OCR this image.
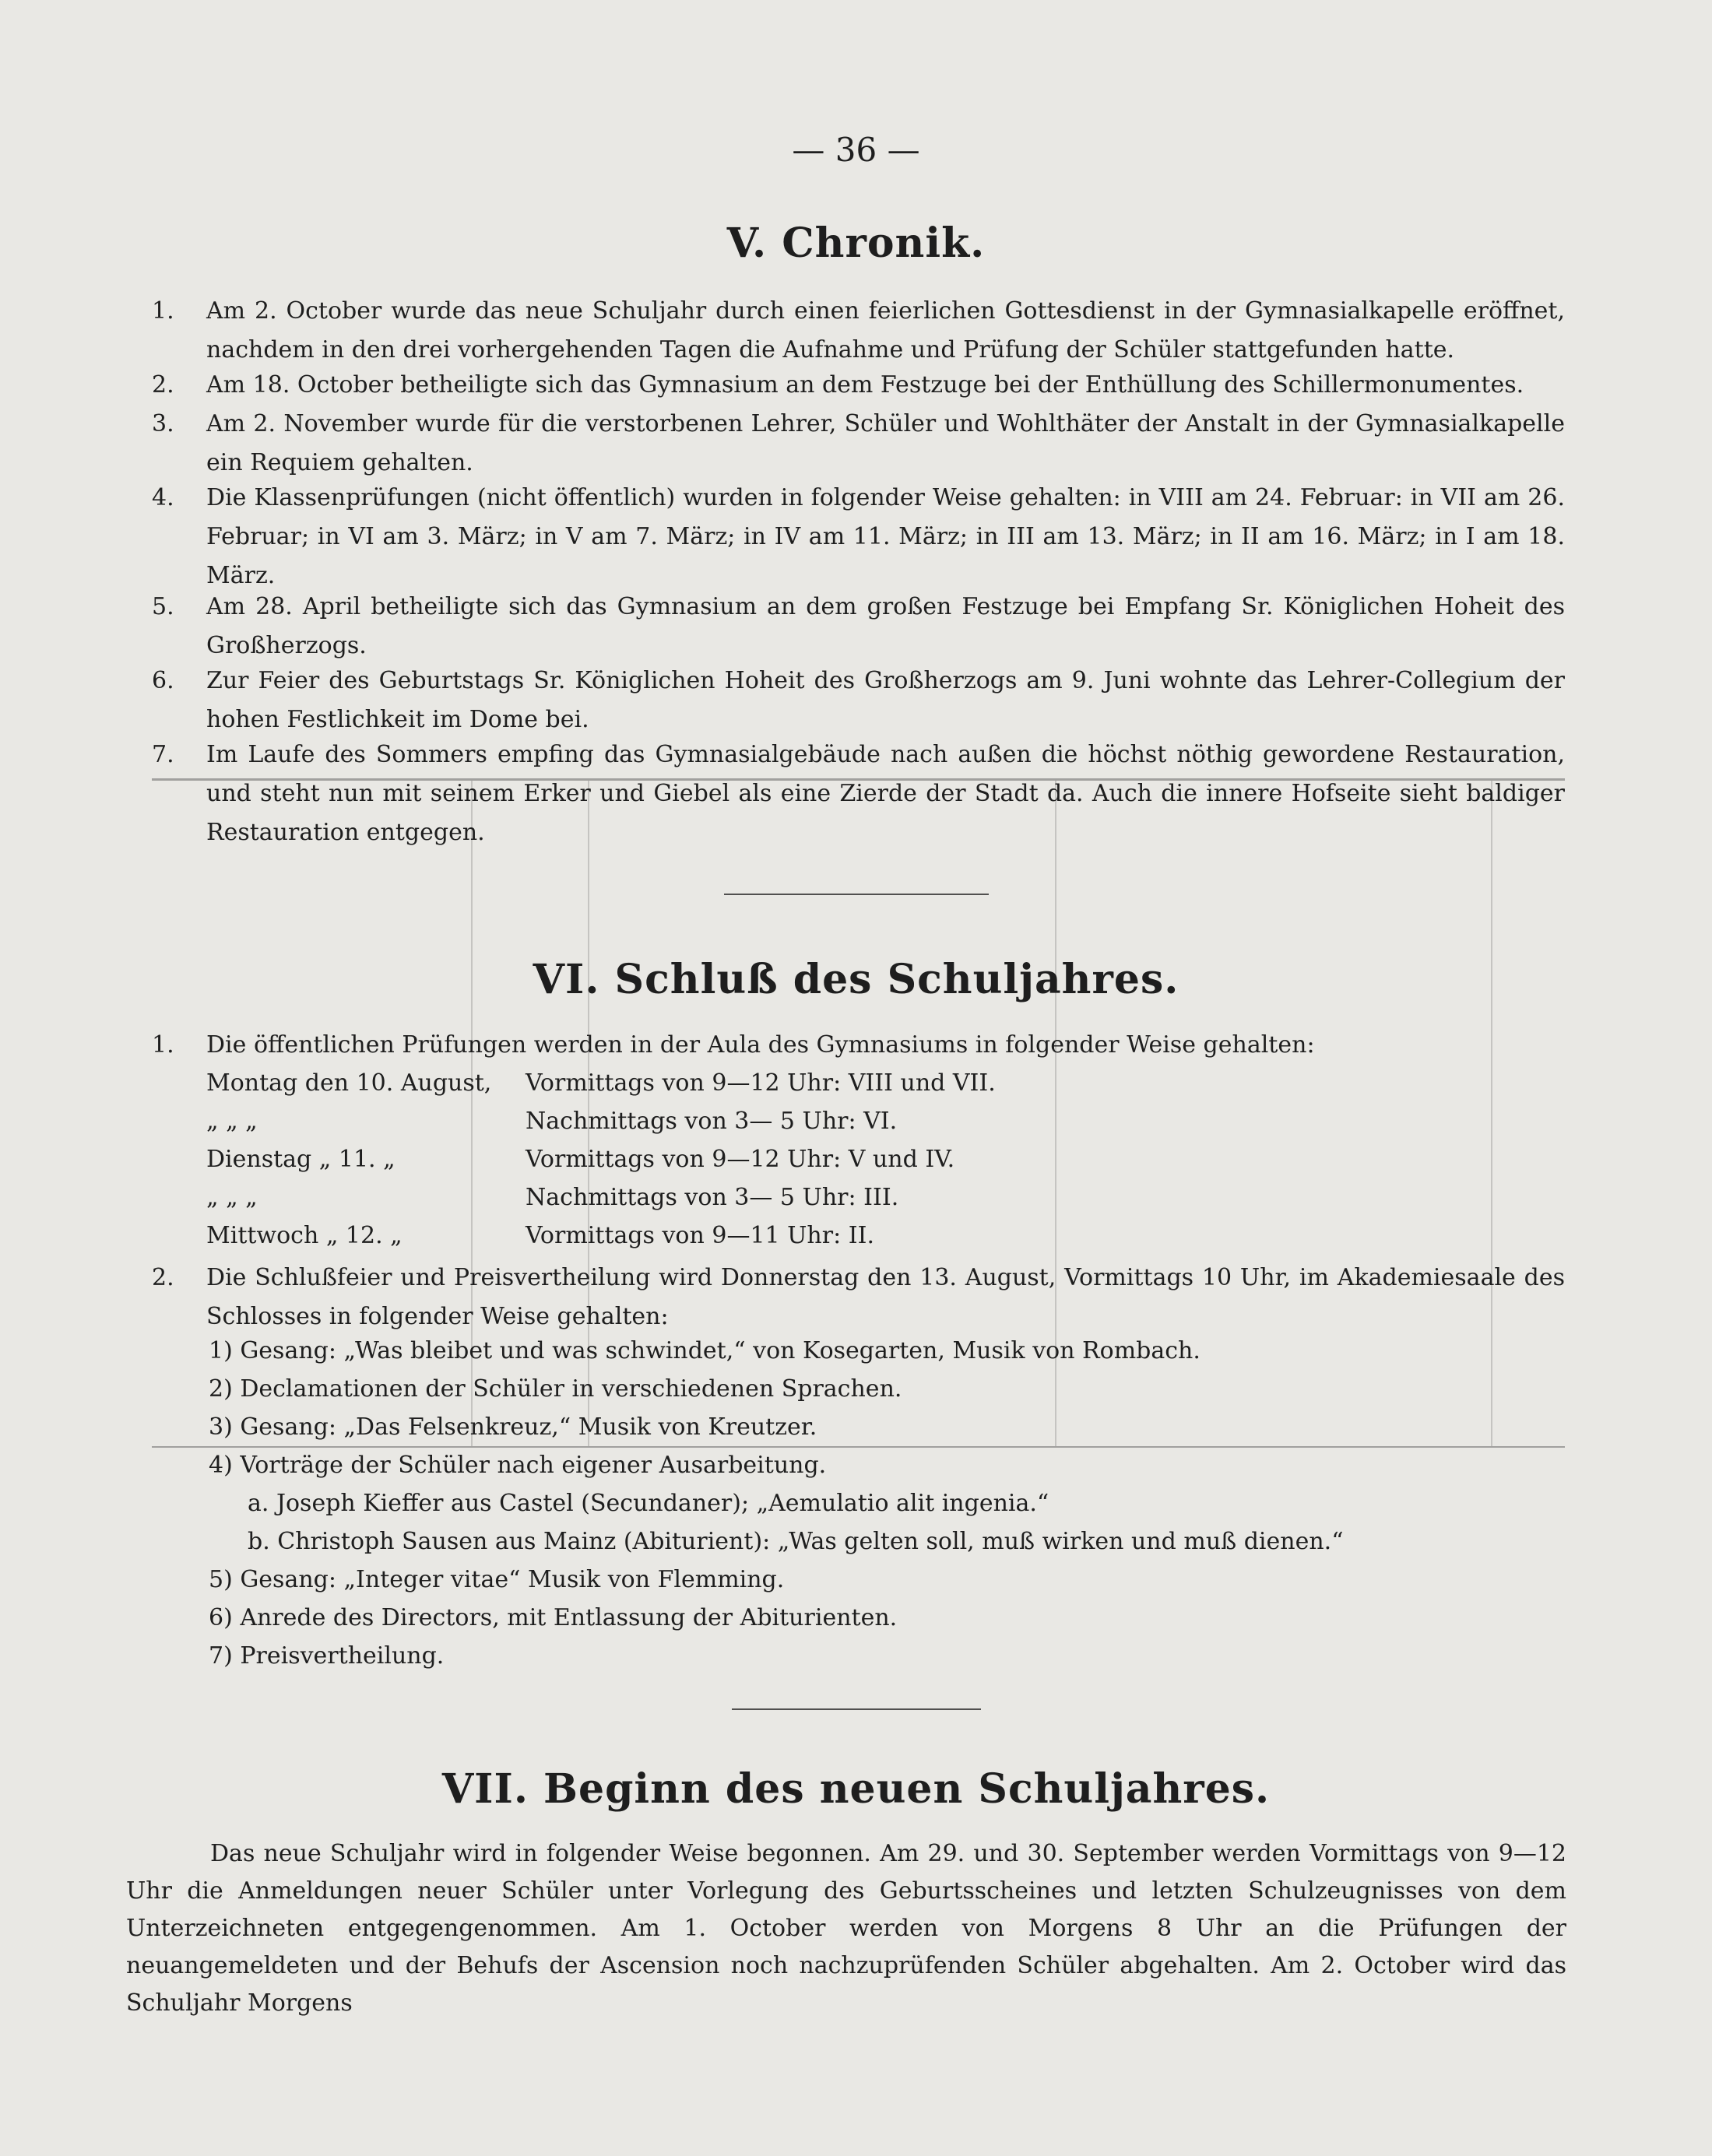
— 36 —
V. Chronik.
1. Am 2. October wurde das neue Schuljahr durch einen feierlichen Gottesdienst in der Gymnasialkapelle eröffnet, nachdem in den drei vorhergehenden Tagen die Aufnahme und Prüfung der Schüler stattgefunden hatte.
2. Am 18. October betheiligte sich das Gymnasium an dem Festzuge bei der Enthüllung des Schillermonumentes.
3. Am 2. November wurde für die verstorbenen Lehrer, Schüler und Wohlthäter der Anstalt in der Gymnasialkapelle ein Requiem gehalten.
4. Die Klassenprüfungen (nicht öffentlich) wurden in folgender Weise gehalten: in VIII am 24. Februar: in VII am 26. Februar; in VI am 3. März; in V am 7. März; in IV am 11. März; in III am 13. März; in II am 16. März; in I am 18. März.
5. Am 28. April betheiligte sich das Gymnasium an dem großen Festzuge bei Empfang Sr. Königlichen Hoheit des Großherzogs.
6. Zur Feier des Geburtstags Sr. Königlichen Hoheit des Großherzogs am 9. Juni wohnte das Lehrer-Collegium der hohen Festlichkeit im Dome bei.
7. Im Laufe des Sommers empfing das Gymnasialgebäude nach außen die höchst nöthig gewordene Restauration, und steht nun mit seinem Erker und Giebel als eine Zierde der Stadt da. Auch die innere Hofseite sieht baldiger Restauration entgegen.
VI. Schluß des Schuljahres.
1. Die öffentlichen Prüfungen werden in der Aula des Gymnasiums in folgender Weise gehalten:
Montag den 10. August, Vormittags von 9—12 Uhr: VIII und VII.
„ „ „	Nachmittags von 3— 5 Uhr: VI.
Dienstag „ 11. „	Vormittags von 9—12 Uhr: V und IV.
„ „ „	Nachmittags von 3— 5 Uhr: III.
Mittwoch „ 12. „	Vormittags von 9—11 Uhr: II.
2. Die Schlußfeier und Preisvertheilung wird Donnerstag den 13. August, Vormittags 10 Uhr, im Akademiesaale des Schlosses in folgender Weise gehalten:
1) Gesang: „Was bleibet und was schwindet,“ von Kosegarten, Musik von Rombach.
2) Declamationen der Schüler in verschiedenen Sprachen.
3) Gesang: „Das Felsenkreuz,“ Musik von Kreutzer.
4) Vorträge der Schüler nach eigener Ausarbeitung.
a. Joseph Kieffer aus Castel (Secundaner); „Aemulatio alit ingenia.“
b. Christoph Sausen aus Mainz (Abiturient): „Was gelten soll, muß wirken und muß dienen.“
5) Gesang: „Integer vitae“ Musik von Flemming.
6) Anrede des Directors, mit Entlassung der Abiturienten.
7) Preisvertheilung.
VII. Beginn des neuen Schuljahres.
Das neue Schuljahr wird in folgender Weise begonnen. Am 29. und 30. September werden Vormittags von 9—12 Uhr die Anmeldungen neuer Schüler unter Vorlegung des Geburtsscheines und letzten Schulzeugnisses von dem Unterzeichneten entgegengenommen. Am 1. October werden von Morgens 8 Uhr an die Prüfungen der neuangemeldeten und der Behufs der Ascension noch nachzuprüfenden Schüler abgehalten. Am 2. October wird das Schuljahr Morgens
